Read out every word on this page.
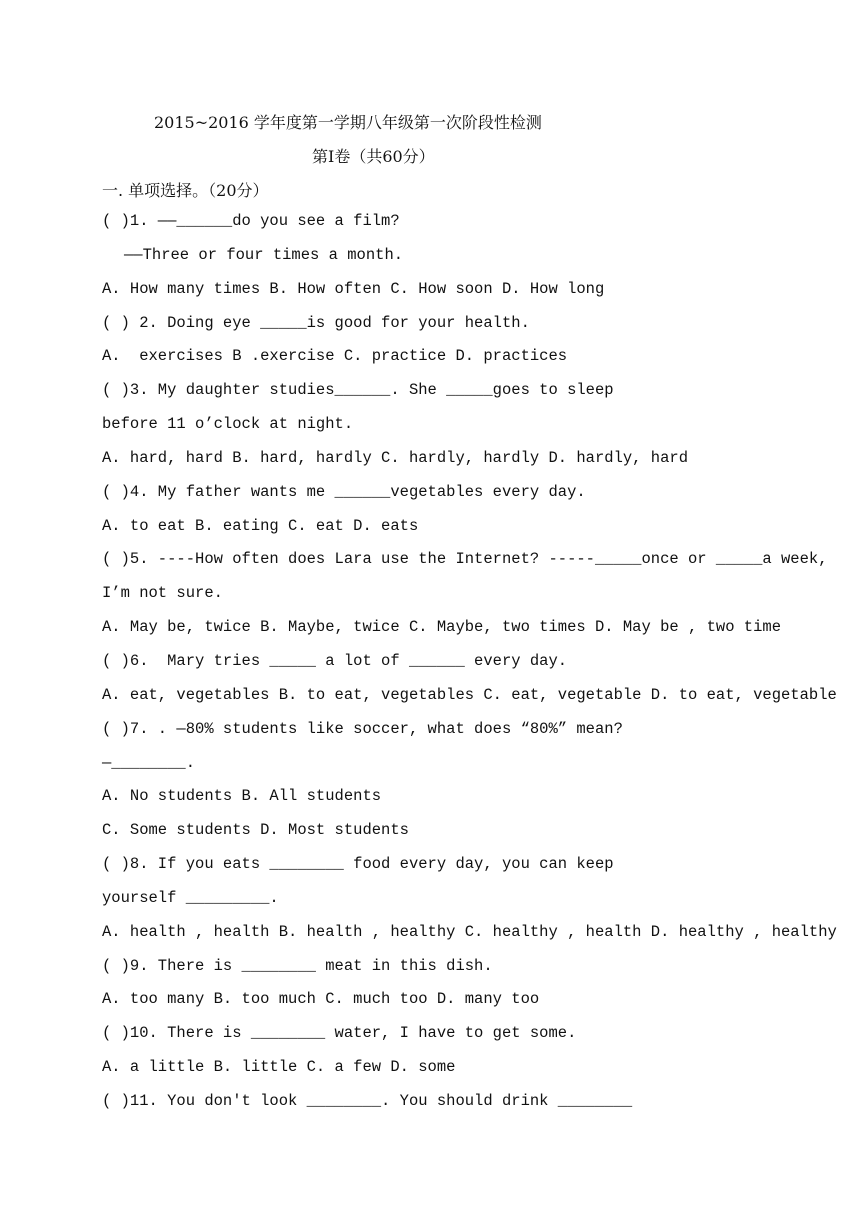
2015~2016 学年度第一学期八年级第一次阶段性检测
第Ⅰ卷（共60分）
一. 单项选择。（20分）
( )1. ——______do you see a film?
——Three or four times a month.
A. How many times B. How often C. How soon D. How long
( ) 2. Doing eye _____is good for your health.
A.  exercises B .exercise C. practice D. practices
( )3. My daughter studies______. She _____goes to sleep
before 11 o’clock at night.
A. hard, hard B. hard, hardly C. hardly, hardly D. hardly, hard
( )4. My father wants me ______vegetables every day.
A. to eat B. eating C. eat D. eats
( )5. ----How often does Lara use the Internet? -----_____once or _____a week,
I’m not sure.
A. May be, twice B. Maybe, twice C. Maybe, two times D. May be , two time
( )6.  Mary tries _____ a lot of ______ every day.
A. eat, vegetables B. to eat, vegetables C. eat, vegetable D. to eat, vegetable
( )7. . —80% students like soccer, what does “80%” mean?
—________.
A. No students B. All students
C. Some students D. Most students
( )8. If you eats ________ food every day, you can keep
yourself _________.
A. health , health B. health , healthy C. healthy , health D. healthy , healthy
( )9. There is ________ meat in this dish.
A. too many B. too much C. much too D. many too
( )10. There is ________ water, I have to get some.
A. a little B. little C. a few D. some
( )11. You don't look ________. You should drink ________
